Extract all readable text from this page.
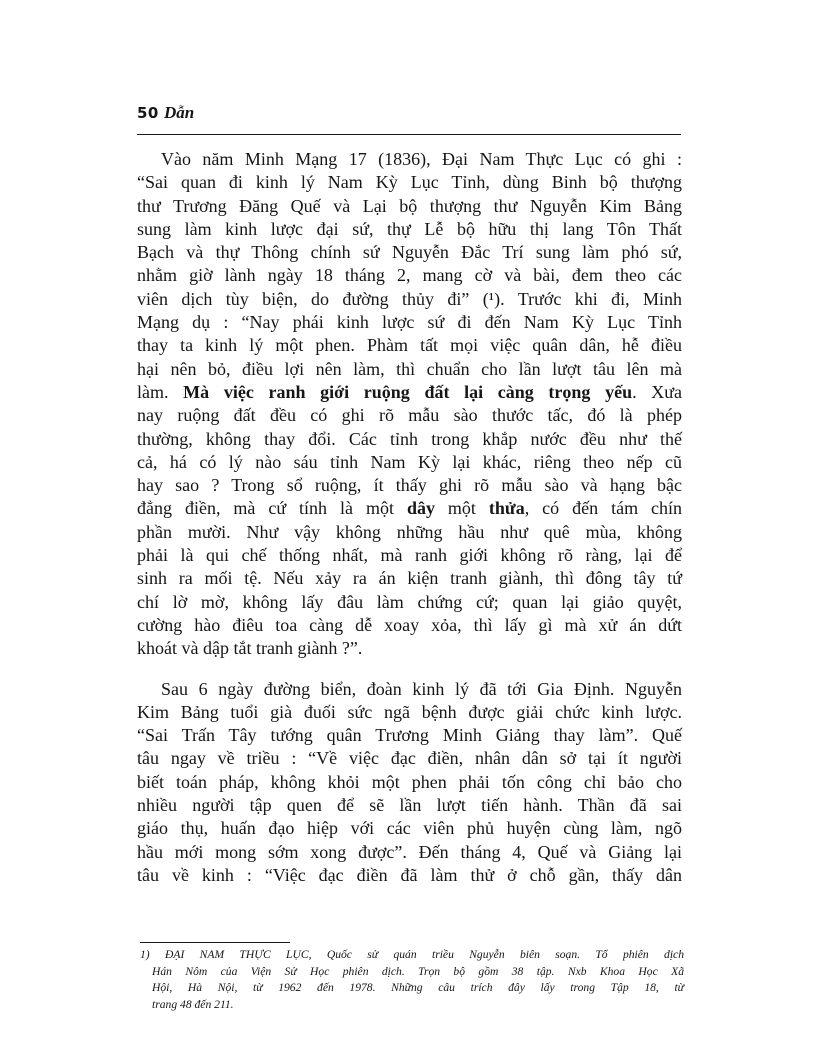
50 Dẫn
Vào năm Minh Mạng 17 (1836), Đại Nam Thực Lục có ghi :
“Sai quan đi kinh lý Nam Kỳ Lục Tỉnh, dùng Binh bộ thượng
thư Trương Đăng Quế và Lại bộ thượng thư Nguyễn Kim Bảng
sung làm kinh lược đại sứ, thự Lễ bộ hữu thị lang Tôn Thất
Bạch và thự Thông chính sứ Nguyễn Đắc Trí sung làm phó sứ,
nhằm giờ lành ngày 18 tháng 2, mang cờ và bài, đem theo các
viên dịch tùy biện, do đường thủy đi” (¹). Trước khi đi, Minh
Mạng dụ : “Nay phái kinh lược sứ đi đến Nam Kỳ Lục Tỉnh
thay ta kinh lý một phen. Phàm tất mọi việc quân dân, hễ điều
hại nên bỏ, điều lợi nên làm, thì chuẩn cho lần lượt tâu lên mà
làm. Mà việc ranh giới ruộng đất lại càng trọng yếu. Xưa
nay ruộng đất đều có ghi rõ mẫu sào thước tấc, đó là phép
thường, không thay đổi. Các tỉnh trong khắp nước đều như thế
cả, há có lý nào sáu tỉnh Nam Kỳ lại khác, riêng theo nếp cũ
hay sao ? Trong sổ ruộng, ít thấy ghi rõ mẫu sào và hạng bậc
đẳng điền, mà cứ tính là một dây một thửa, có đến tám chín
phần mười. Như vậy không những hầu như quê mùa, không
phải là qui chế thống nhất, mà ranh giới không rõ ràng, lại để
sinh ra mối tệ. Nếu xảy ra án kiện tranh giành, thì đông tây tứ
chí lờ mờ, không lấy đâu làm chứng cứ; quan lại giảo quyệt,
cường hào điêu toa càng dễ xoay xỏa, thì lấy gì mà xử án dứt
khoát và dập tắt tranh giành ?”.
Sau 6 ngày đường biển, đoàn kinh lý đã tới Gia Định. Nguyễn
Kim Bảng tuổi già đuối sức ngã bệnh được giải chức kinh lược.
“Sai Trấn Tây tướng quân Trương Minh Giảng thay làm”. Quế
tâu ngay về triều : “Về việc đạc điền, nhân dân sở tại ít người
biết toán pháp, không khỏi một phen phải tốn công chỉ bảo cho
nhiều người tập quen để sẽ lần lượt tiến hành. Thần đã sai
giáo thụ, huấn đạo hiệp với các viên phủ huyện cùng làm, ngõ
hầu mới mong sớm xong được”. Đến tháng 4, Quế và Giảng lại
tâu về kinh : “Việc đạc điền đã làm thử ở chỗ gần, thấy dân
1) ĐẠI NAM THỰC LỤC, Quốc sử quán triều Nguyễn biên soạn. Tổ phiên dịch
Hán Nôm của Viện Sử Học phiên dịch. Trọn bộ gồm 38 tập. Nxb Khoa Học Xã
Hội, Hà Nội, từ 1962 đến 1978. Những câu trích đây lấy trong Tập 18, từ
trang 48 đến 211.
